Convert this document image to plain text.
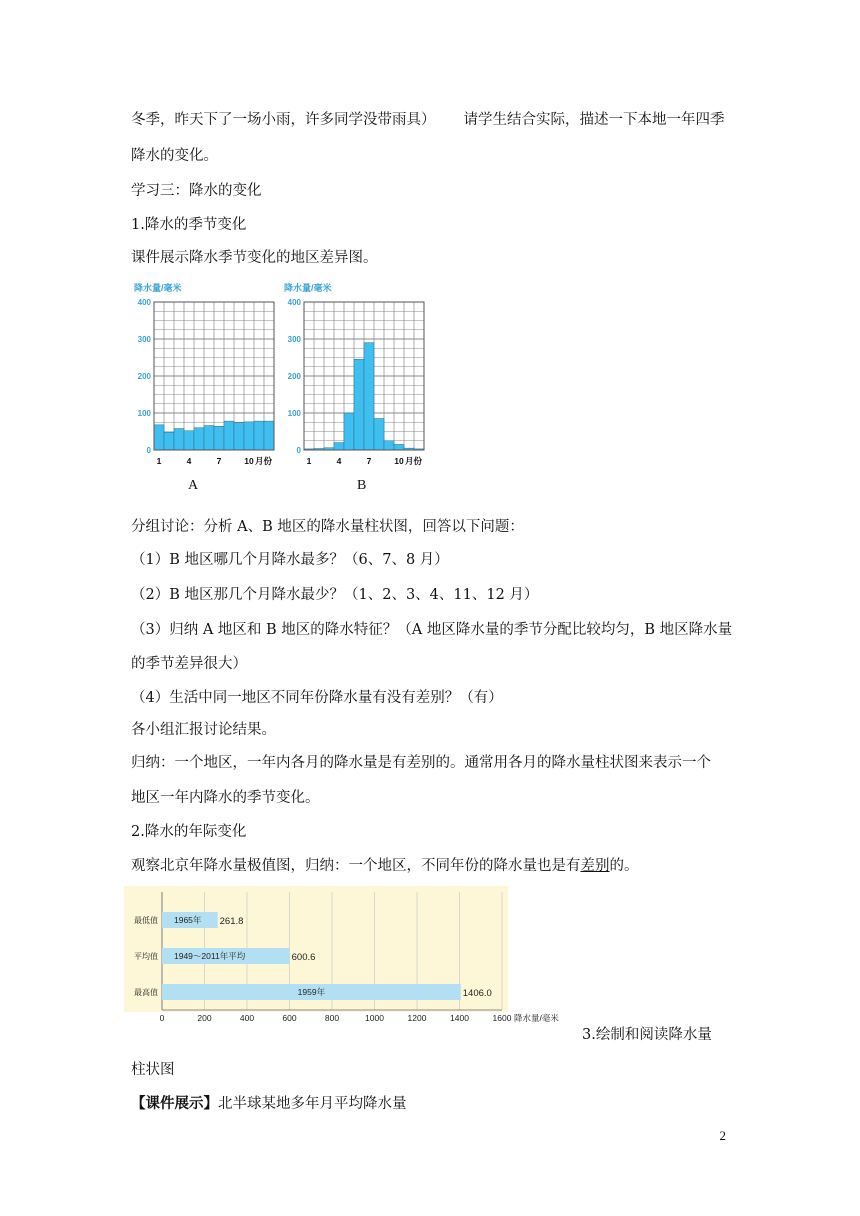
冬季，昨天下了一场小雨，许多同学没带雨具） 请学生结合实际，描述一下本地一年四季
降水的变化。
学习三：降水的变化
1.降水的季节变化
课件展示降水季节变化的地区差异图。
降水量/毫米
0
100
200
300
400
1	4	7	10 月份
降水量/毫米
0
100
200
300
400
1	4	7	10 月份
A	B
分组讨论：分析 A、B 地区的降水量柱状图，回答以下问题：
（1）B 地区哪几个月降水最多？（6、7、8 月）
（2）B 地区那几个月降水最少？（1、2、3、4、11、12 月）
（3）归纳 A 地区和 B 地区的降水特征？（A 地区降水量的季节分配比较均匀，B 地区降水量
的季节差异很大）
（4）生活中同一地区不同年份降水量有没有差别？（有）
各小组汇报讨论结果。
归纳：一个地区，一年内各月的降水量是有差别的。通常用各月的降水量柱状图来表示一个
地区一年内降水的季节变化。
2.降水的年际变化
观察北京年降水量极值图，归纳：一个地区，不同年份的降水量也是有差别的。
最低值 1965年 261.8
平均值 1949～2011年平均	600.6
最高值	1959年	1406.0
0	200	400	600	800	1000	1200	1400	1600 降水量/毫米
3.绘制和阅读降水量
柱状图
【课件展示】北半球某地多年月平均降水量
2
